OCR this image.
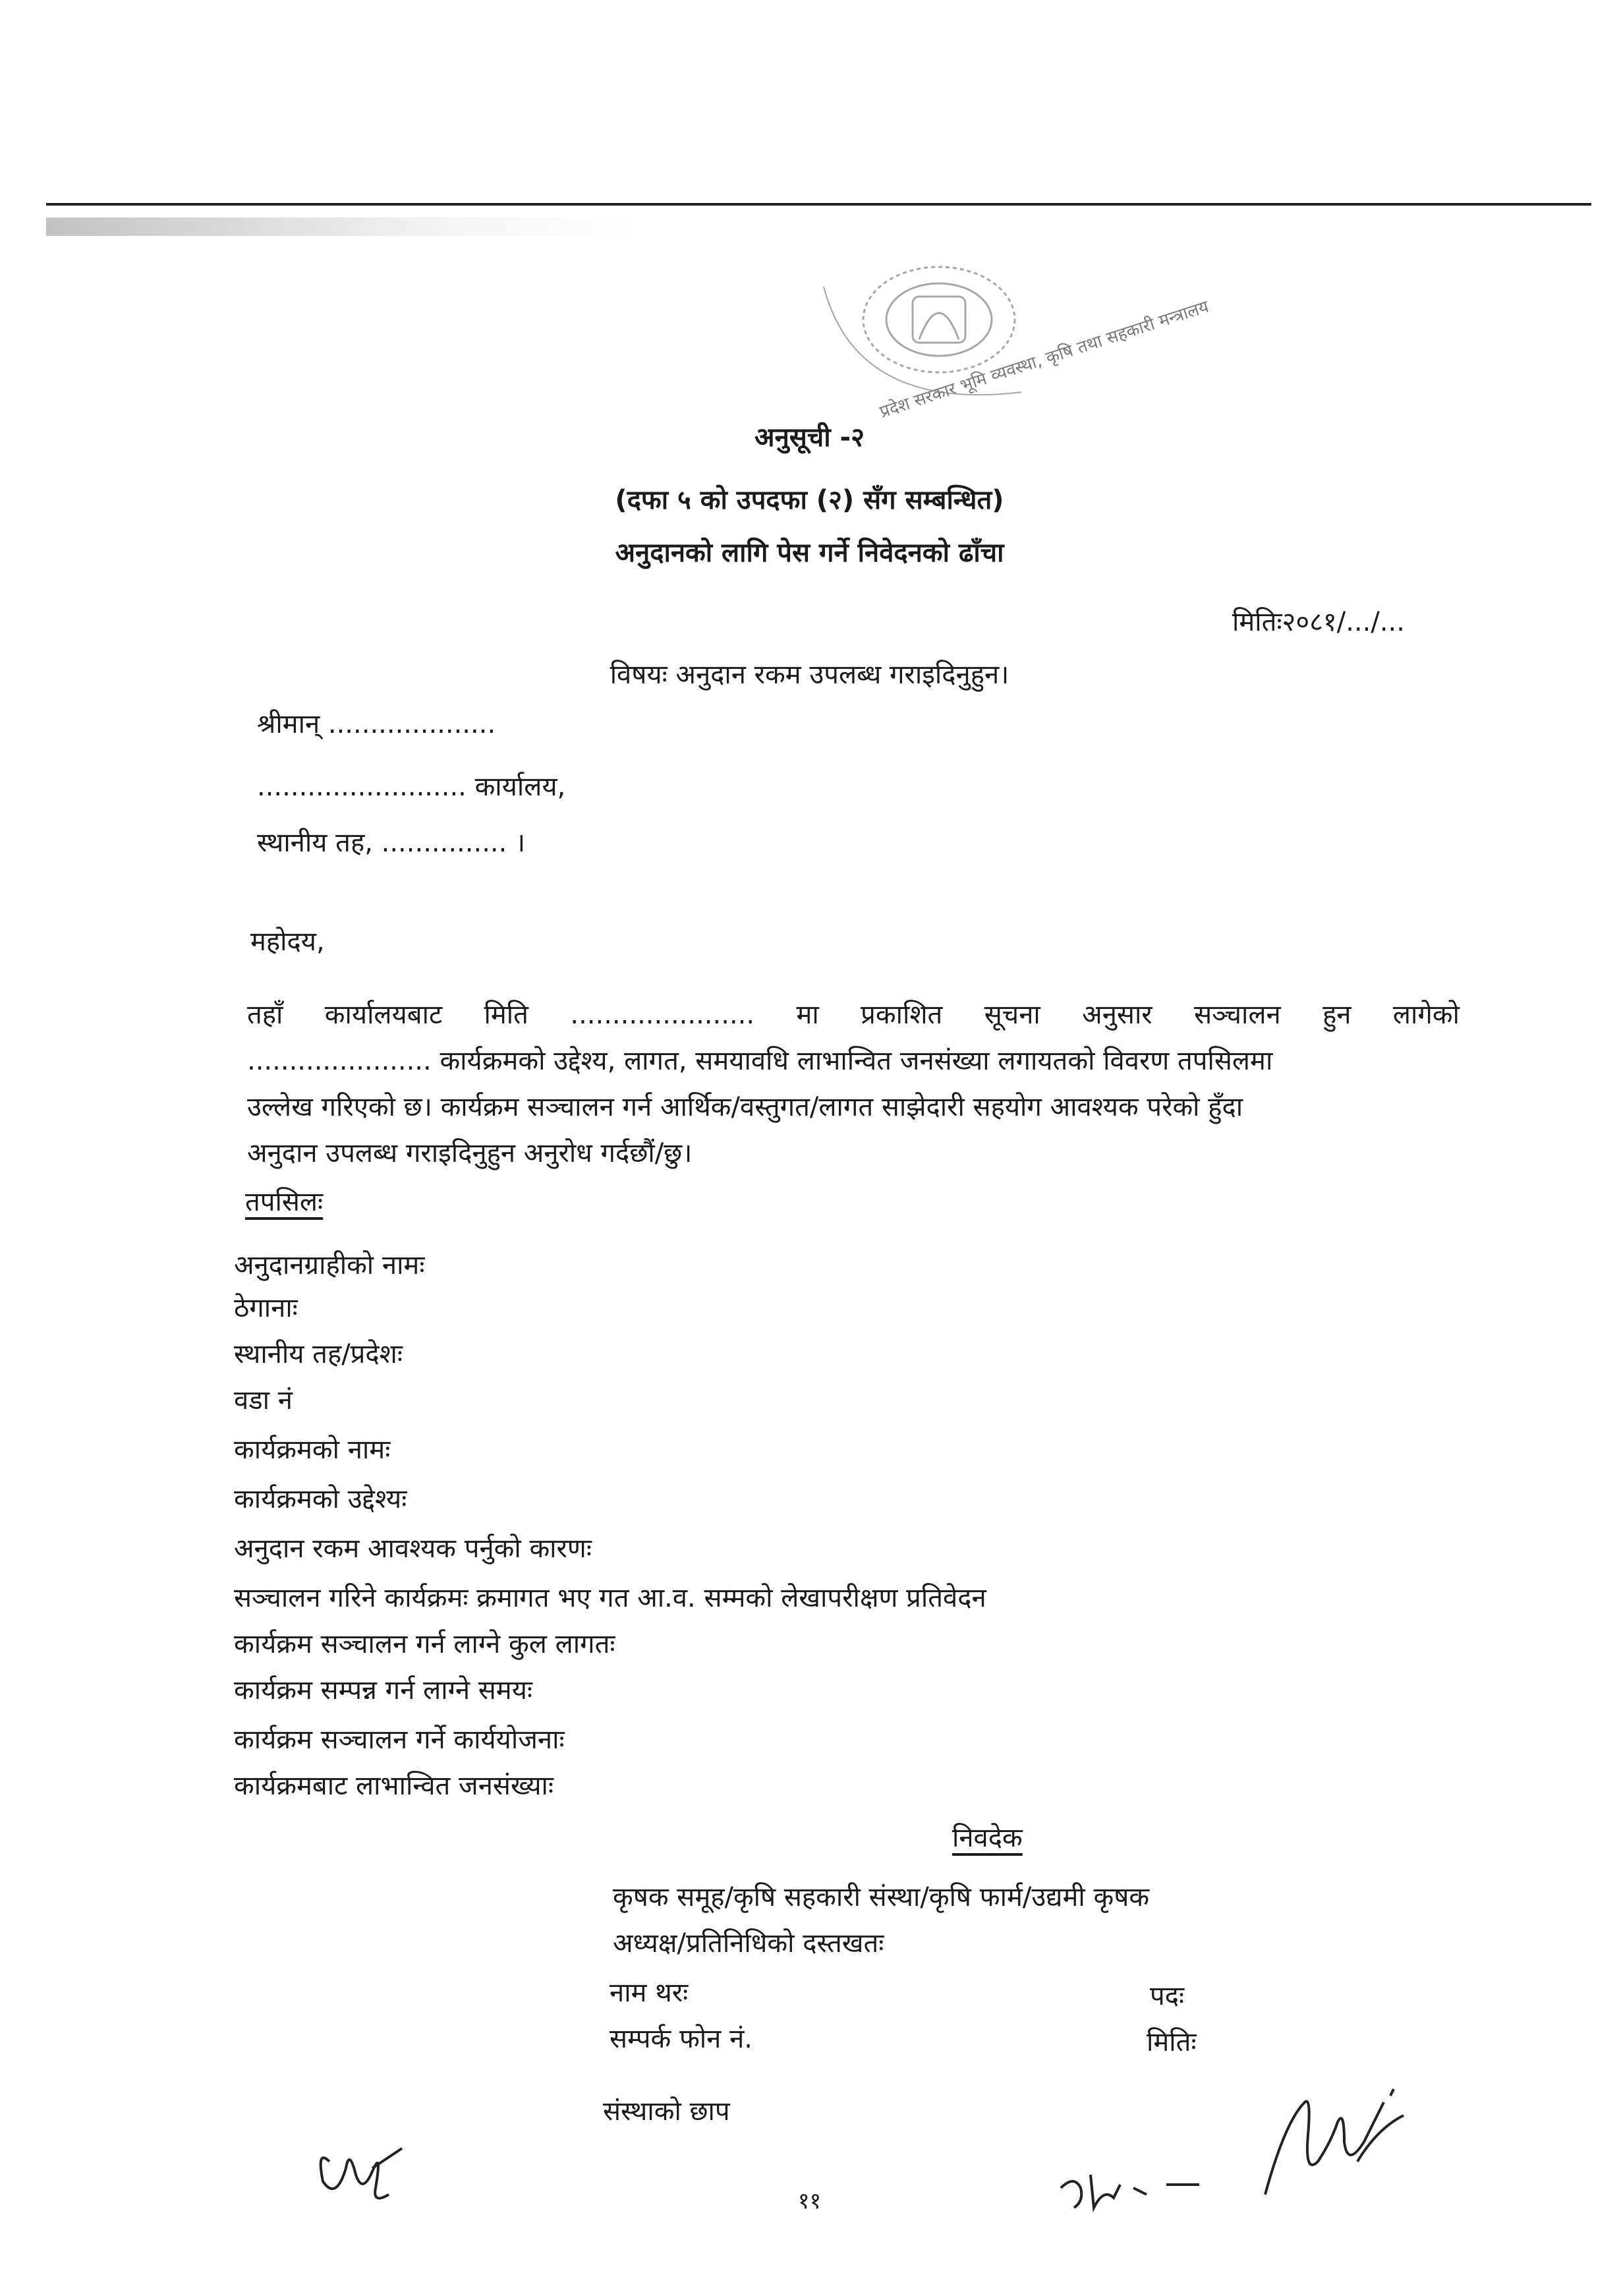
प्रदेश सरकार भूमि व्यवस्था, कृषि तथा सहकारी मन्त्रालय
अनुसूची -२
(दफा ५ को उपदफा (२) सँग सम्बन्धित)
अनुदानको लागि पेस गर्ने निवेदनको ढाँचा
मितिः२०८१/.../...
विषयः अनुदान रकम उपलब्ध गराइदिनुहुन।
श्रीमान् ....................
......................... कार्यालय,
स्थानीय तह, ............... ।
महोदय,
तहाँ कार्यालयबाट मिति ...................... मा प्रकाशित सूचना अनुसार सञ्चालन हुन लागेको
...................... कार्यक्रमको उद्देश्य, लागत, समयावधि लाभान्वित जनसंख्या लगायतको विवरण तपसिलमा
उल्लेख गरिएको छ। कार्यक्रम सञ्चालन गर्न आर्थिक/वस्तुगत/लागत साझेदारी सहयोग आवश्यक परेको हुँदा
अनुदान उपलब्ध गराइदिनुहुन अनुरोध गर्दछौं/छु।
तपसिलः
अनुदानग्राहीको नामः
ठेगानाः
स्थानीय तह/प्रदेशः
वडा नं
कार्यक्रमको नामः
कार्यक्रमको उद्देश्यः
अनुदान रकम आवश्यक पर्नुको कारणः
सञ्चालन गरिने कार्यक्रमः क्रमागत भए गत आ.व. सम्मको लेखापरीक्षण प्रतिवेदन
कार्यक्रम सञ्चालन गर्न लाग्ने कुल लागतः
कार्यक्रम सम्पन्न गर्न लाग्ने समयः
कार्यक्रम सञ्चालन गर्ने कार्ययोजनाः
कार्यक्रमबाट लाभान्वित जनसंख्याः
निवदेक
कृषक समूह/कृषि सहकारी संस्था/कृषि फार्म/उद्यमी कृषक
अध्यक्ष/प्रतिनिधिको दस्तखतः
नाम थरः	पदः
सम्पर्क फोन नं.	मितिः
संस्थाको छाप
११
